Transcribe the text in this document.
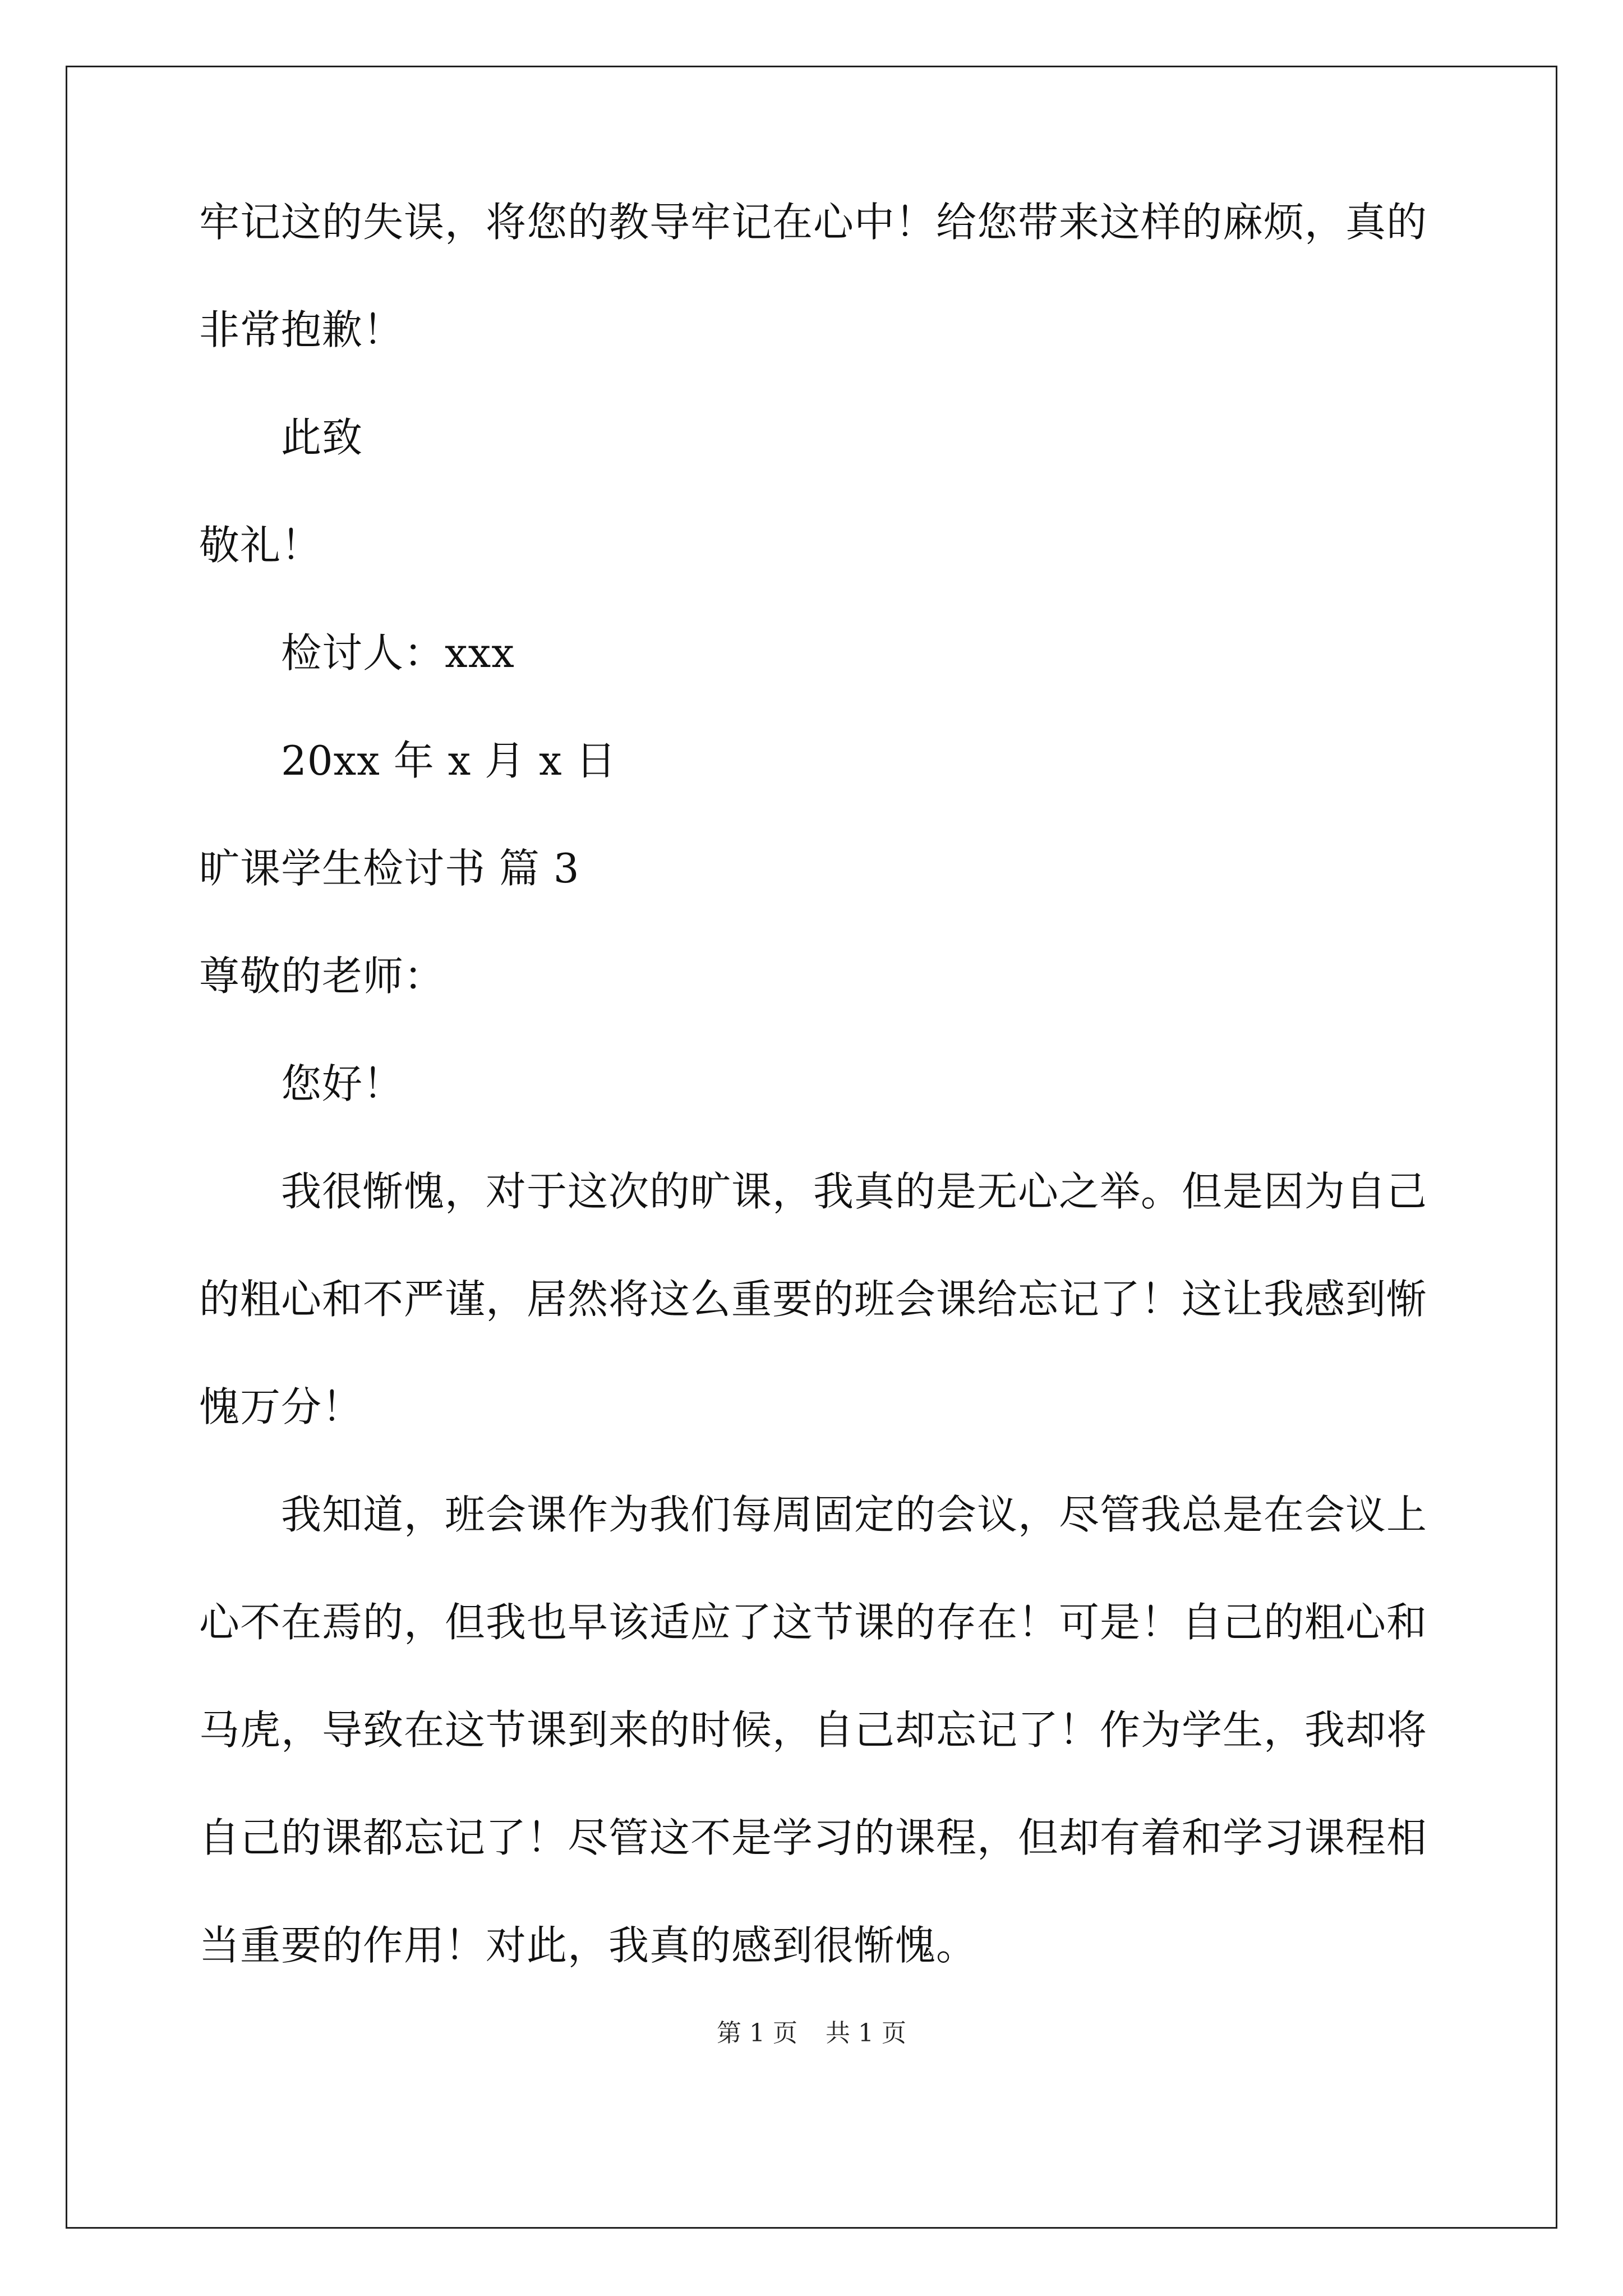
牢记这的失误，将您的教导牢记在心中！给您带来这样的麻烦，真的
非常抱歉！
此致
敬礼！
检讨人：xxx
20xx 年 x 月 x 日
旷课学生检讨书 篇 3
尊敬的老师：
您好！
我很惭愧，对于这次的旷课，我真的是无心之举。但是因为自己
的粗心和不严谨，居然将这么重要的班会课给忘记了！这让我感到惭
愧万分！
我知道，班会课作为我们每周固定的会议，尽管我总是在会议上
心不在焉的，但我也早该适应了这节课的存在！可是！自己的粗心和
马虎，导致在这节课到来的时候，自己却忘记了！作为学生，我却将
自己的课都忘记了！尽管这不是学习的课程，但却有着和学习课程相
当重要的作用！对此，我真的感到很惭愧。
第 1 页 共 1 页
